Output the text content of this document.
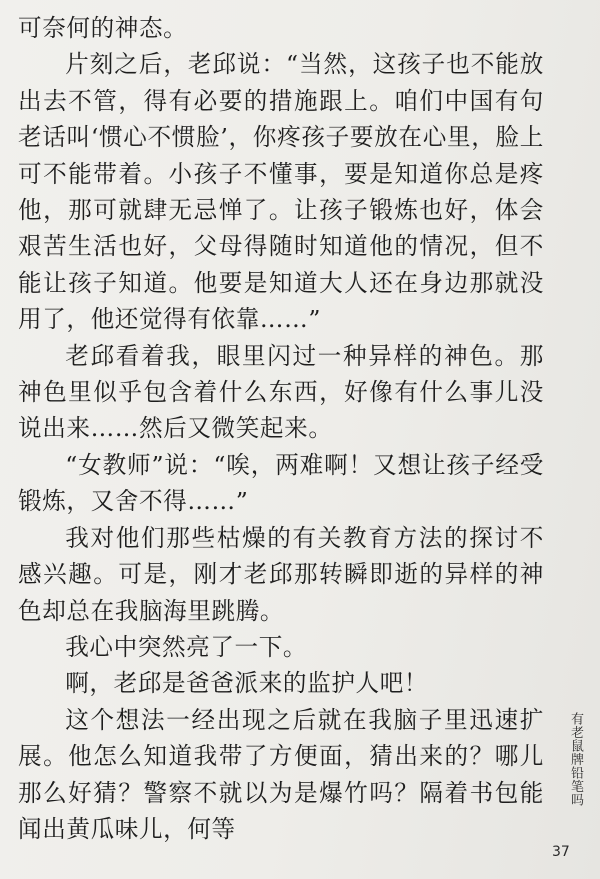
可奈何的神态。

片刻之后，老邱说：“当然，这孩子也不能放出去不管，得有必要的措施跟上。咱们中国有句老话叫‘惯心不惯脸’，你疼孩子要放在心里，脸上可不能带着。小孩子不懂事，要是知道你总是疼他，那可就肆无忌惮了。让孩子锻炼也好，体会艰苦生活也好，父母得随时知道他的情况，但不能让孩子知道。他要是知道大人还在身边那就没用了，他还觉得有依靠……”

老邱看着我，眼里闪过一种异样的神色。那神色里似乎包含着什么东西，好像有什么事儿没说出来……然后又微笑起来。

“女教师”说：“唉，两难啊！又想让孩子经受锻炼，又舍不得……”

我对他们那些枯燥的有关教育方法的探讨不感兴趣。可是，刚才老邱那转瞬即逝的异样的神色却总在我脑海里跳腾。

我心中突然亮了一下。

啊，老邱是爸爸派来的监护人吧！

这个想法一经出现之后就在我脑子里迅速扩展。他怎么知道我带了方便面，猜出来的？哪儿那么好猜？警察不就以为是爆竹吗？隔着书包能闻出黄瓜味儿，何等

有老鼠牌铅笔吗
37
